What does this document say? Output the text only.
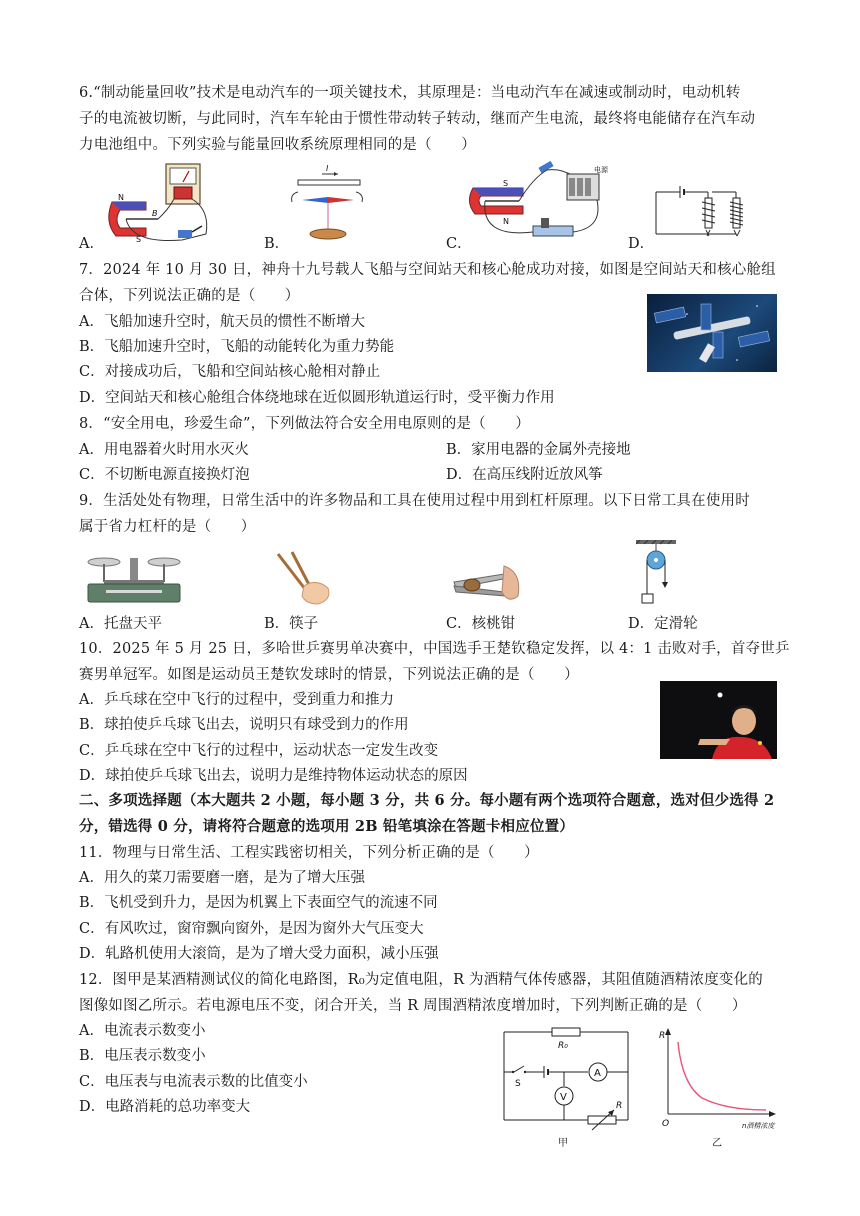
6.“制动能量回收”技术是电动汽车的一项关键技术，其原理是：当电动汽车在减速或制动时，电动机转
子的电流被切断，与此同时，汽车车轮由于惯性带动转子转动，继而产生电流，最终将电能储存在汽车动
力电池组中。下列实验与能量回收系统原理相同的是（　　）
N
S
B
I
S
N
电源
A．	B．	C．	D．
7．2024 年 10 月 30 日，神舟十九号载人飞船与空间站天和核心舱成功对接，如图是空间站天和核心舱组
合体，下列说法正确的是（　　）
A．飞船加速升空时，航天员的惯性不断增大
B．飞船加速升空时，飞船的动能转化为重力势能
C．对接成功后，飞船和空间站核心舱相对静止
D．空间站天和核心舱组合体绕地球在近似圆形轨道运行时，受平衡力作用
8．“安全用电，珍爱生命”，下列做法符合安全用电原则的是（　　）
A．用电器着火时用水灭火	B．家用电器的金属外壳接地
C．不切断电源直接换灯泡	D．在高压线附近放风筝
9．生活处处有物理，日常生活中的许多物品和工具在使用过程中用到杠杆原理。以下日常工具在使用时
属于省力杠杆的是（　　）
A．托盘天平	B．筷子	C．核桃钳	D．定滑轮
10．2025 年 5 月 25 日，多哈世乒赛男单决赛中，中国选手王楚钦稳定发挥，以 4：1 击败对手，首夺世乒
赛男单冠军。如图是运动员王楚钦发球时的情景，下列说法正确的是（　　）
A．乒乓球在空中飞行的过程中，受到重力和推力
B．球拍使乒乓球飞出去，说明只有球受到力的作用
C．乒乓球在空中飞行的过程中，运动状态一定发生改变
D．球拍使乒乓球飞出去，说明力是维持物体运动状态的原因
二、多项选择题（本大题共 2 小题，每小题 3 分，共 6 分。每小题有两个选项符合题意，选对但少选得 2
分，错选得 0 分，请将符合题意的选项用 2B 铅笔填涂在答题卡相应位置）
11．物理与日常生活、工程实践密切相关，下列分析正确的是（　　）
A．用久的菜刀需要磨一磨，是为了增大压强
B．飞机受到升力，是因为机翼上下表面空气的流速不同
C．有风吹过，窗帘飘向窗外，是因为窗外大气压变大
D．轧路机使用大滚筒，是为了增大受力面积，减小压强
12．图甲是某酒精测试仪的简化电路图，R₀为定值电阻，R 为酒精气体传感器，其阻值随酒精浓度变化的
图像如图乙所示。若电源电压不变，闭合开关，当 R 周围酒精浓度增加时，下列判断正确的是（　　）
A．电流表示数变小
B．电压表示数变小
C．电压表与电流表示数的比值变小
D．电路消耗的总功率变大
R₀
S
A
V
R
甲
R
O	n酒精浓度
乙
